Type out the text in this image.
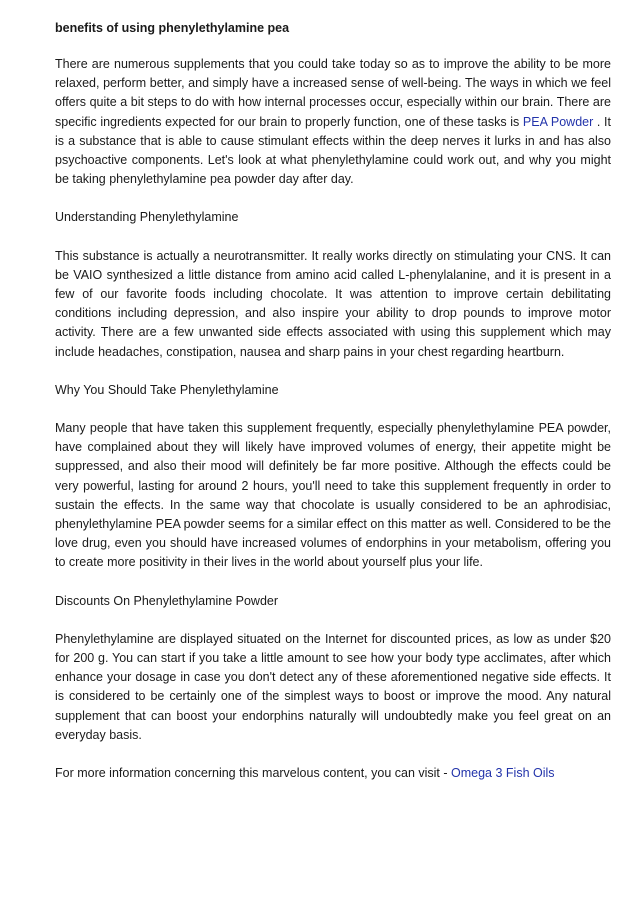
benefits of using phenylethylamine pea

There are numerous supplements that you could take today so as to improve the ability to be more relaxed, perform better, and simply have a increased sense of well-being. The ways in which we feel offers quite a bit steps to do with how internal processes occur, especially within our brain. There are specific ingredients expected for our brain to properly function, one of these tasks is PEA Powder . It is a substance that is able to cause stimulant effects within the deep nerves it lurks in and has also psychoactive components. Let's look at what phenylethylamine could work out, and why you might be taking phenylethylamine pea powder day after day.

Understanding Phenylethylamine

This substance is actually a neurotransmitter. It really works directly on stimulating your CNS. It can be VAIO synthesized a little distance from amino acid called L-phenylalanine, and it is present in a few of our favorite foods including chocolate. It was attention to improve certain debilitating conditions including depression, and also inspire your ability to drop pounds to improve motor activity. There are a few unwanted side effects associated with using this supplement which may include headaches, constipation, nausea and sharp pains in your chest regarding heartburn.

Why You Should Take Phenylethylamine

Many people that have taken this supplement frequently, especially phenylethylamine PEA powder, have complained about they will likely have improved volumes of energy, their appetite might be suppressed, and also their mood will definitely be far more positive. Although the effects could be very powerful, lasting for around 2 hours, you'll need to take this supplement frequently in order to sustain the effects. In the same way that chocolate is usually considered to be an aphrodisiac, phenylethylamine PEA powder seems for a similar effect on this matter as well. Considered to be the love drug, even you should have increased volumes of endorphins in your metabolism, offering you to create more positivity in their lives in the world about yourself plus your life.

Discounts On Phenylethylamine Powder

Phenylethylamine are displayed situated on the Internet for discounted prices, as low as under $20 for 200 g. You can start if you take a little amount to see how your body type acclimates, after which enhance your dosage in case you don't detect any of these aforementioned negative side effects. It is considered to be certainly one of the simplest ways to boost or improve the mood. Any natural supplement that can boost your endorphins naturally will undoubtedly make you feel great on an everyday basis.

For more information concerning this marvelous content, you can visit - Omega 3 Fish Oils
